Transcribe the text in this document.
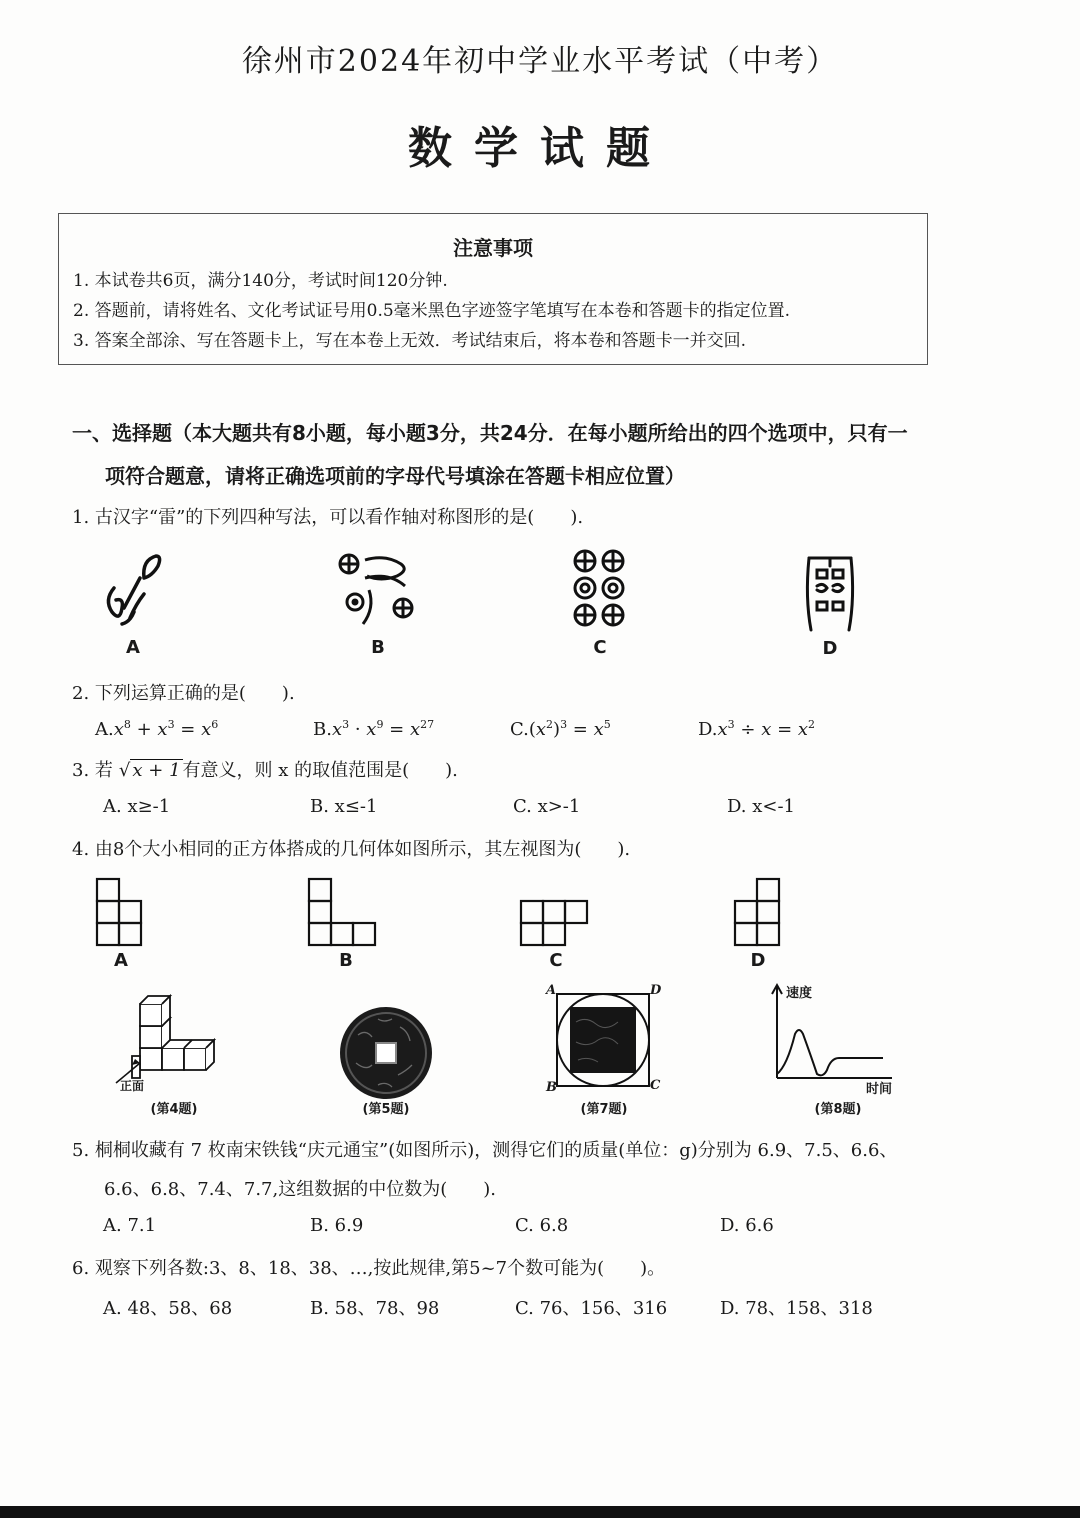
徐州市2024年初中学业水平考试（中考）
数学试题
注意事项
1. 本试卷共6页，满分140分，考试时间120分钟.
2. 答题前，请将姓名、文化考试证号用0.5毫米黑色字迹签字笔填写在本卷和答题卡的指定位置.
3. 答案全部涂、写在答题卡上，写在本卷上无效．考试结束后，将本卷和答题卡一并交回.
一、选择题（本大题共有8小题，每小题3分，共24分．在每小题所给出的四个选项中，只有一
项符合题意，请将正确选项前的字母代号填涂在答题卡相应位置）
1. 古汉字“雷”的下列四种写法，可以看作轴对称图形的是(　　).
A	B	C	D
2. 下列运算正确的是(　　).
$A.x^8 + x^3 = x^6$	$B.x^3 \cdot x^9 = x^{27}$	$C.(x^2)^3 = x^5$	$D.x^3 \div x = x^2$
3. 若 √ x + 1 有意义，则 x 的取值范围是(　　).
A. x≥-1	B. x≤-1	C. x>-1	D. x<-1
4. 由8个大小相同的正方体搭成的几何体如图所示，其左视图为(　　).
A	B	C	D
正面
(第4题)	(第5题)
A	D
B	C
(第7题)
速度
时间
(第8题)
5. 桐桐收藏有 7 枚南宋铁钱“庆元通宝”(如图所示)，测得它们的质量(单位：g)分别为 6.9、7.5、6.6、
6.6、6.8、7.4、7.7,这组数据的中位数为(　　).
A. 7.1	B. 6.9	C. 6.8	D. 6.6
6. 观察下列各数:3、8、18、38、…,按此规律,第5~7个数可能为(　　)。
A. 48、58、68	B. 58、78、98	C. 76、156、316	D. 78、158、318
